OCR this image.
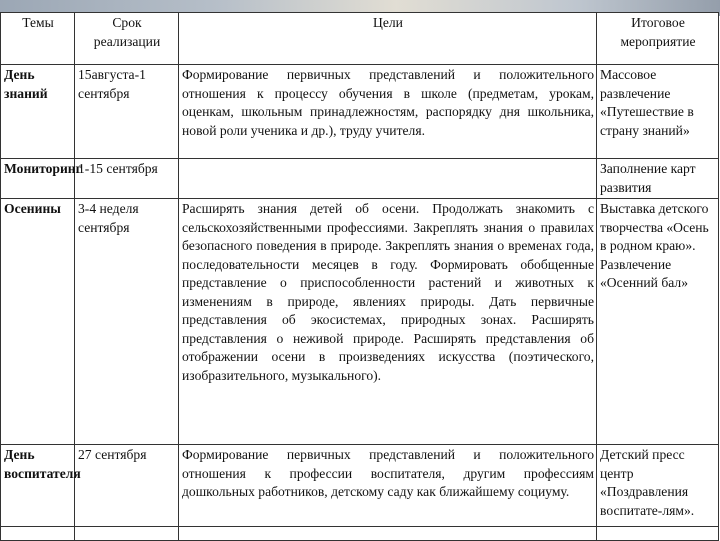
Темы	Срок реализации	Цели	Итоговое мероприятие
День знаний	15августа-1 сентября	Формирование первичных представлений и положительного отношения к процессу обучения в школе (предметам, урокам, оценкам, школьным принадлежностям, распорядку дня школьника, новой роли ученика и др.), труду учителя.	Массовое развлечение «Путешествие в страну знаний»
Мониторинг	1-15 сентября		Заполнение карт развития
Осенины	3-4 неделя сентября	Расширять знания детей об осени. Продолжать знакомить с сельскохозяйственными профессиями. Закреплять знания о правилах безопасного поведения в природе. Закреплять знания о временах года, последовательности месяцев в году. Формировать обобщенные представление о приспособленности растений и животных к изменениям в природе, явлениях природы. Дать первичные представления об экосистемах, природных зонах. Расширять представления о неживой природе. Расширять представления об отображении осени в произведениях искусства (поэтического, изобразительного, музыкального).	Выставка детского творчества «Осень в родном краю». Развлечение «Осенний бал»
День воспитателя	27 сентября	Формирование первичных представлений и положительного отношения к профессии воспитателя, другим профессиям дошкольных работников, детскому саду как ближайшему социуму.	Детский пресс центр «Поздравления воспитате-лям».
